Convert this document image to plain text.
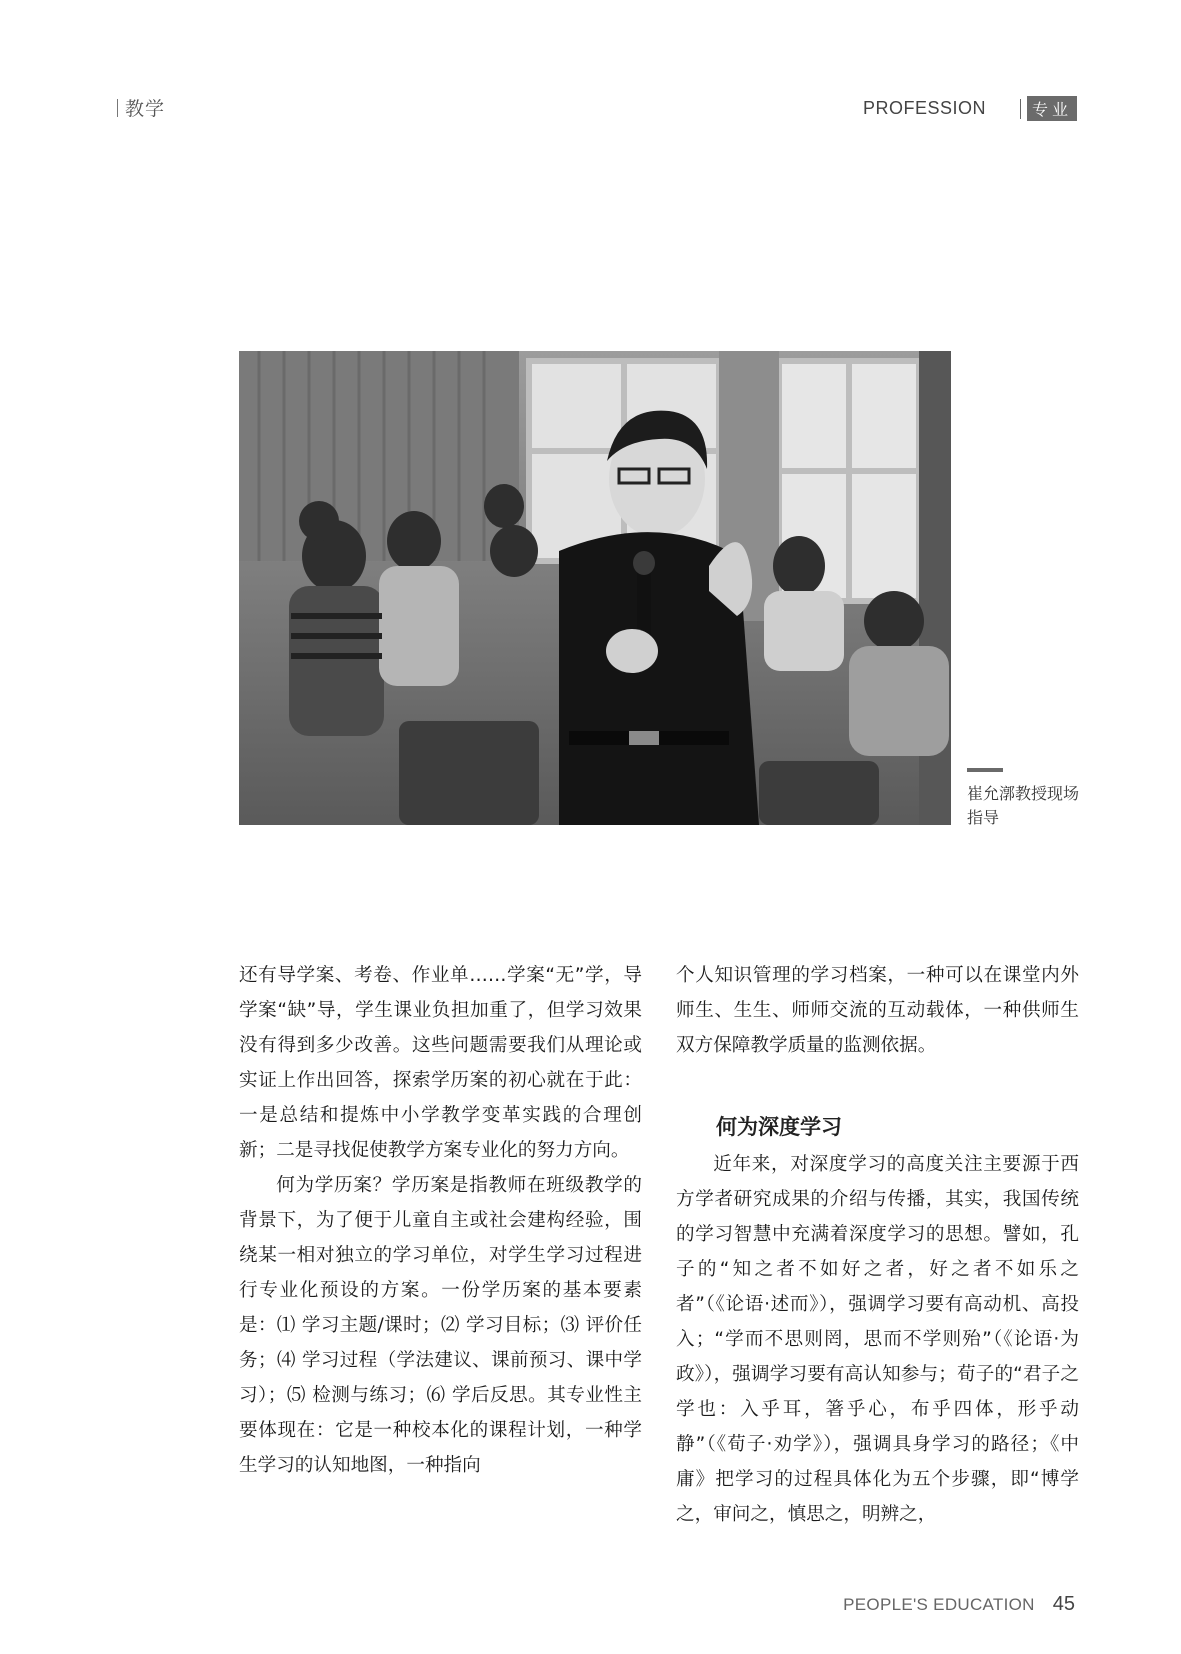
教学	PROFESSION	专业
崔允漷教授现场指导

还有导学案、考卷、作业单……学案“无”学，导学案“缺”导，学生课业负担加重了，但学习效果没有得到多少改善。这些问题需要我们从理论或实证上作出回答，探索学历案的初心就在于此：一是总结和提炼中小学教学变革实践的合理创新；二是寻找促使教学方案专业化的努力方向。

何为学历案？学历案是指教师在班级教学的背景下，为了便于儿童自主或社会建构经验，围绕某一相对独立的学习单位，对学生学习过程进行专业化预设的方案。一份学历案的基本要素是：⑴ 学习主题/课时；⑵ 学习目标；⑶ 评价任务；⑷ 学习过程（学法建议、课前预习、课中学习）；⑸ 检测与练习；⑹ 学后反思。其专业性主要体现在：它是一种校本化的课程计划，一种学生学习的认知地图，一种指向

个人知识管理的学习档案，一种可以在课堂内外师生、生生、师师交流的互动载体，一种供师生双方保障教学质量的监测依据。

何为深度学习

近年来，对深度学习的高度关注主要源于西方学者研究成果的介绍与传播，其实，我国传统的学习智慧中充满着深度学习的思想。譬如，孔子的“知之者不如好之者，好之者不如乐之者”（《论语·述而》），强调学习要有高动机、高投入；“学而不思则罔，思而不学则殆”（《论语·为政》），强调学习要有高认知参与；荀子的“君子之学也：入乎耳，箸乎心，布乎四体，形乎动静”（《荀子·劝学》），强调具身学习的路径；《中庸》把学习的过程具体化为五个步骤，即“博学之，审问之，慎思之，明辨之，

PEOPLE'S EDUCATION 45
